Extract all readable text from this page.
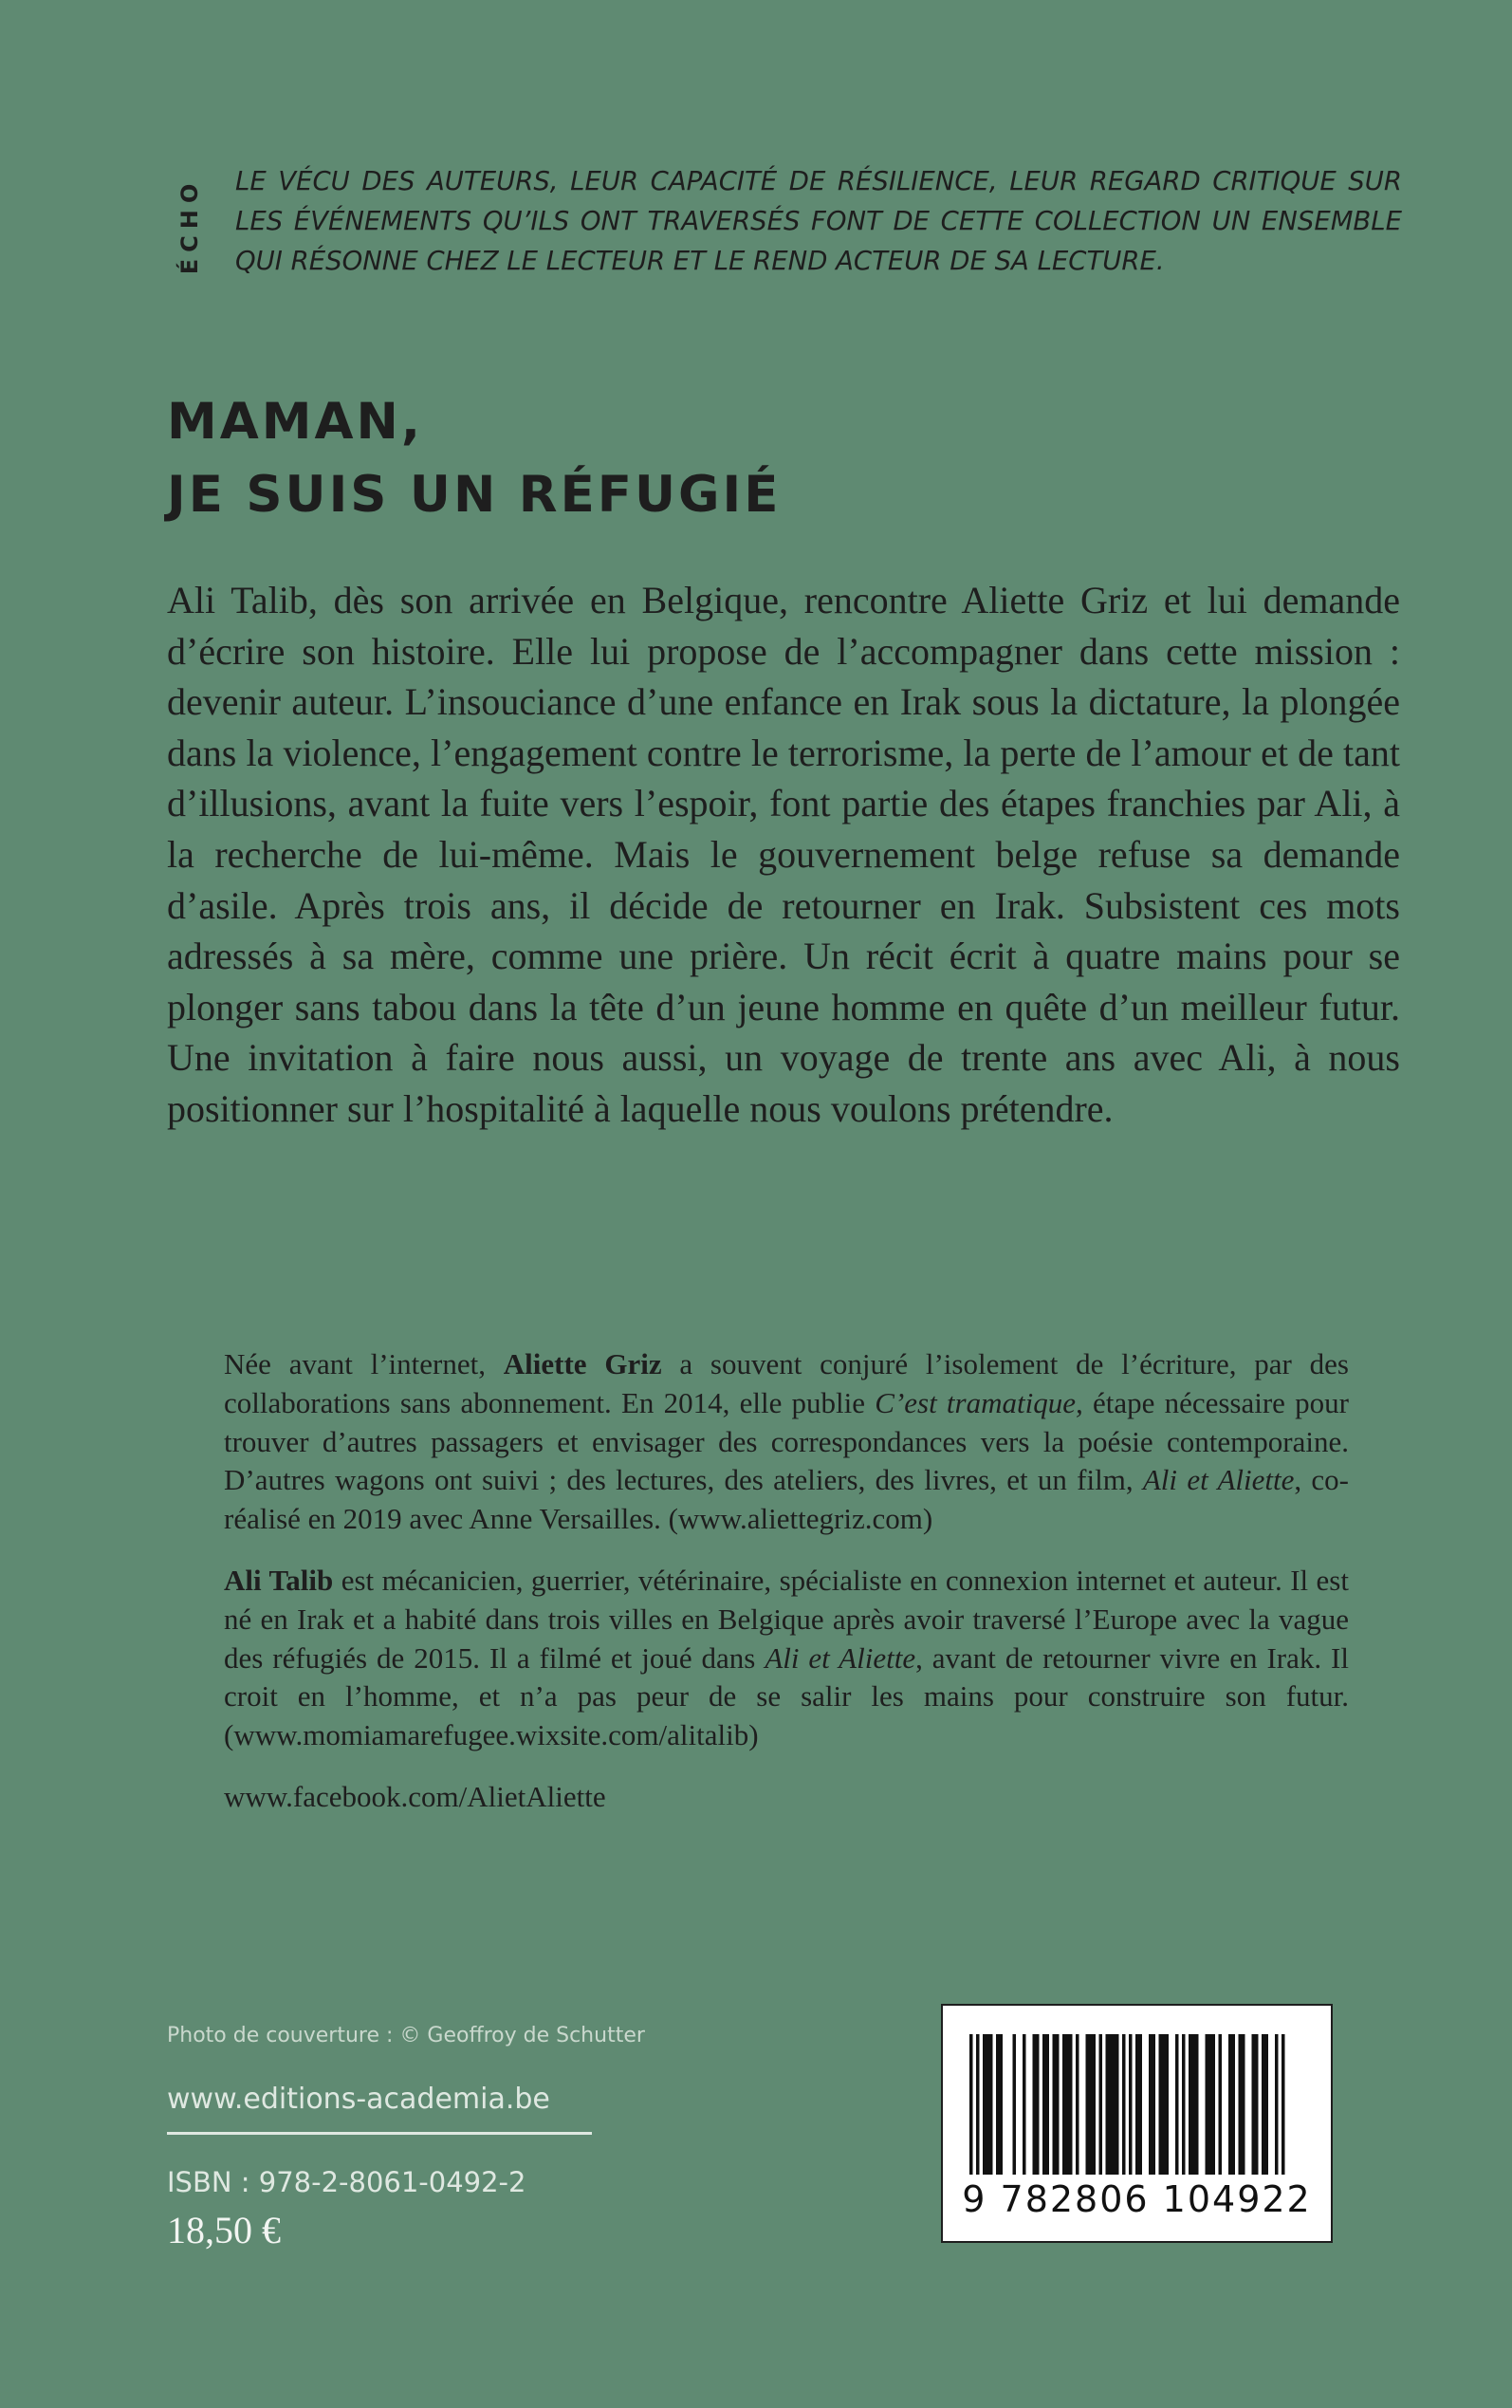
ÉCHO LE VÉCU DES AUTEURS, LEUR CAPACITÉ DE RÉSILIENCE, LEUR REGARD CRITIQUE SUR LES ÉVÉNEMENTS QU’ILS ONT TRAVERSÉS FONT DE CETTE COLLECTION UN ENSEMBLE QUI RÉSONNE CHEZ LE LECTEUR ET LE REND ACTEUR DE SA LECTURE.

MAMAN,
JE SUIS UN RÉFUGIÉ

Ali Talib, dès son arrivée en Belgique, rencontre Aliette Griz et lui demande d’écrire son histoire. Elle lui propose de l’accompagner dans cette mission : devenir auteur. L’insouciance d’une enfance en Irak sous la dictature, la plongée dans la violence, l’engagement contre le terrorisme, la perte de l’amour et de tant d’illusions, avant la fuite vers l’espoir, font partie des étapes franchies par Ali, à la recherche de lui-même. Mais le gouvernement belge refuse sa demande d’asile. Après trois ans, il décide de retourner en Irak. Subsistent ces mots adressés à sa mère, comme une prière. Un récit écrit à quatre mains pour se plonger sans tabou dans la tête d’un jeune homme en quête d’un meilleur futur. Une invitation à faire nous aussi, un voyage de trente ans avec Ali, à nous positionner sur l’hospitalité à laquelle nous voulons prétendre.

Née avant l’internet, Aliette Griz a souvent conjuré l’isolement de l’écriture, par des collaborations sans abonnement. En 2014, elle publie C’est tramatique, étape nécessaire pour trouver d’autres passagers et envisager des correspondances vers la poésie contemporaine. D’autres wagons ont suivi ; des lectures, des ateliers, des livres, et un film, Ali et Aliette, co-réalisé en 2019 avec Anne Versailles. (www.aliettegriz.com)

Ali Talib est mécanicien, guerrier, vétérinaire, spécialiste en connexion internet et auteur. Il est né en Irak et a habité dans trois villes en Belgique après avoir traversé l’Europe avec la vague des réfugiés de 2015. Il a filmé et joué dans Ali et Aliette, avant de retourner vivre en Irak. Il croit en l’homme, et n’a pas peur de se salir les mains pour construire son futur. (www.momiamarefugee.wixsite.com/alitalib)

www.facebook.com/AlietAliette

Photo de couverture : © Geoffroy de Schutter
www.editions-academia.be
ISBN : 978-2-8061-0492-2
18,50 €
9 782806 104922
